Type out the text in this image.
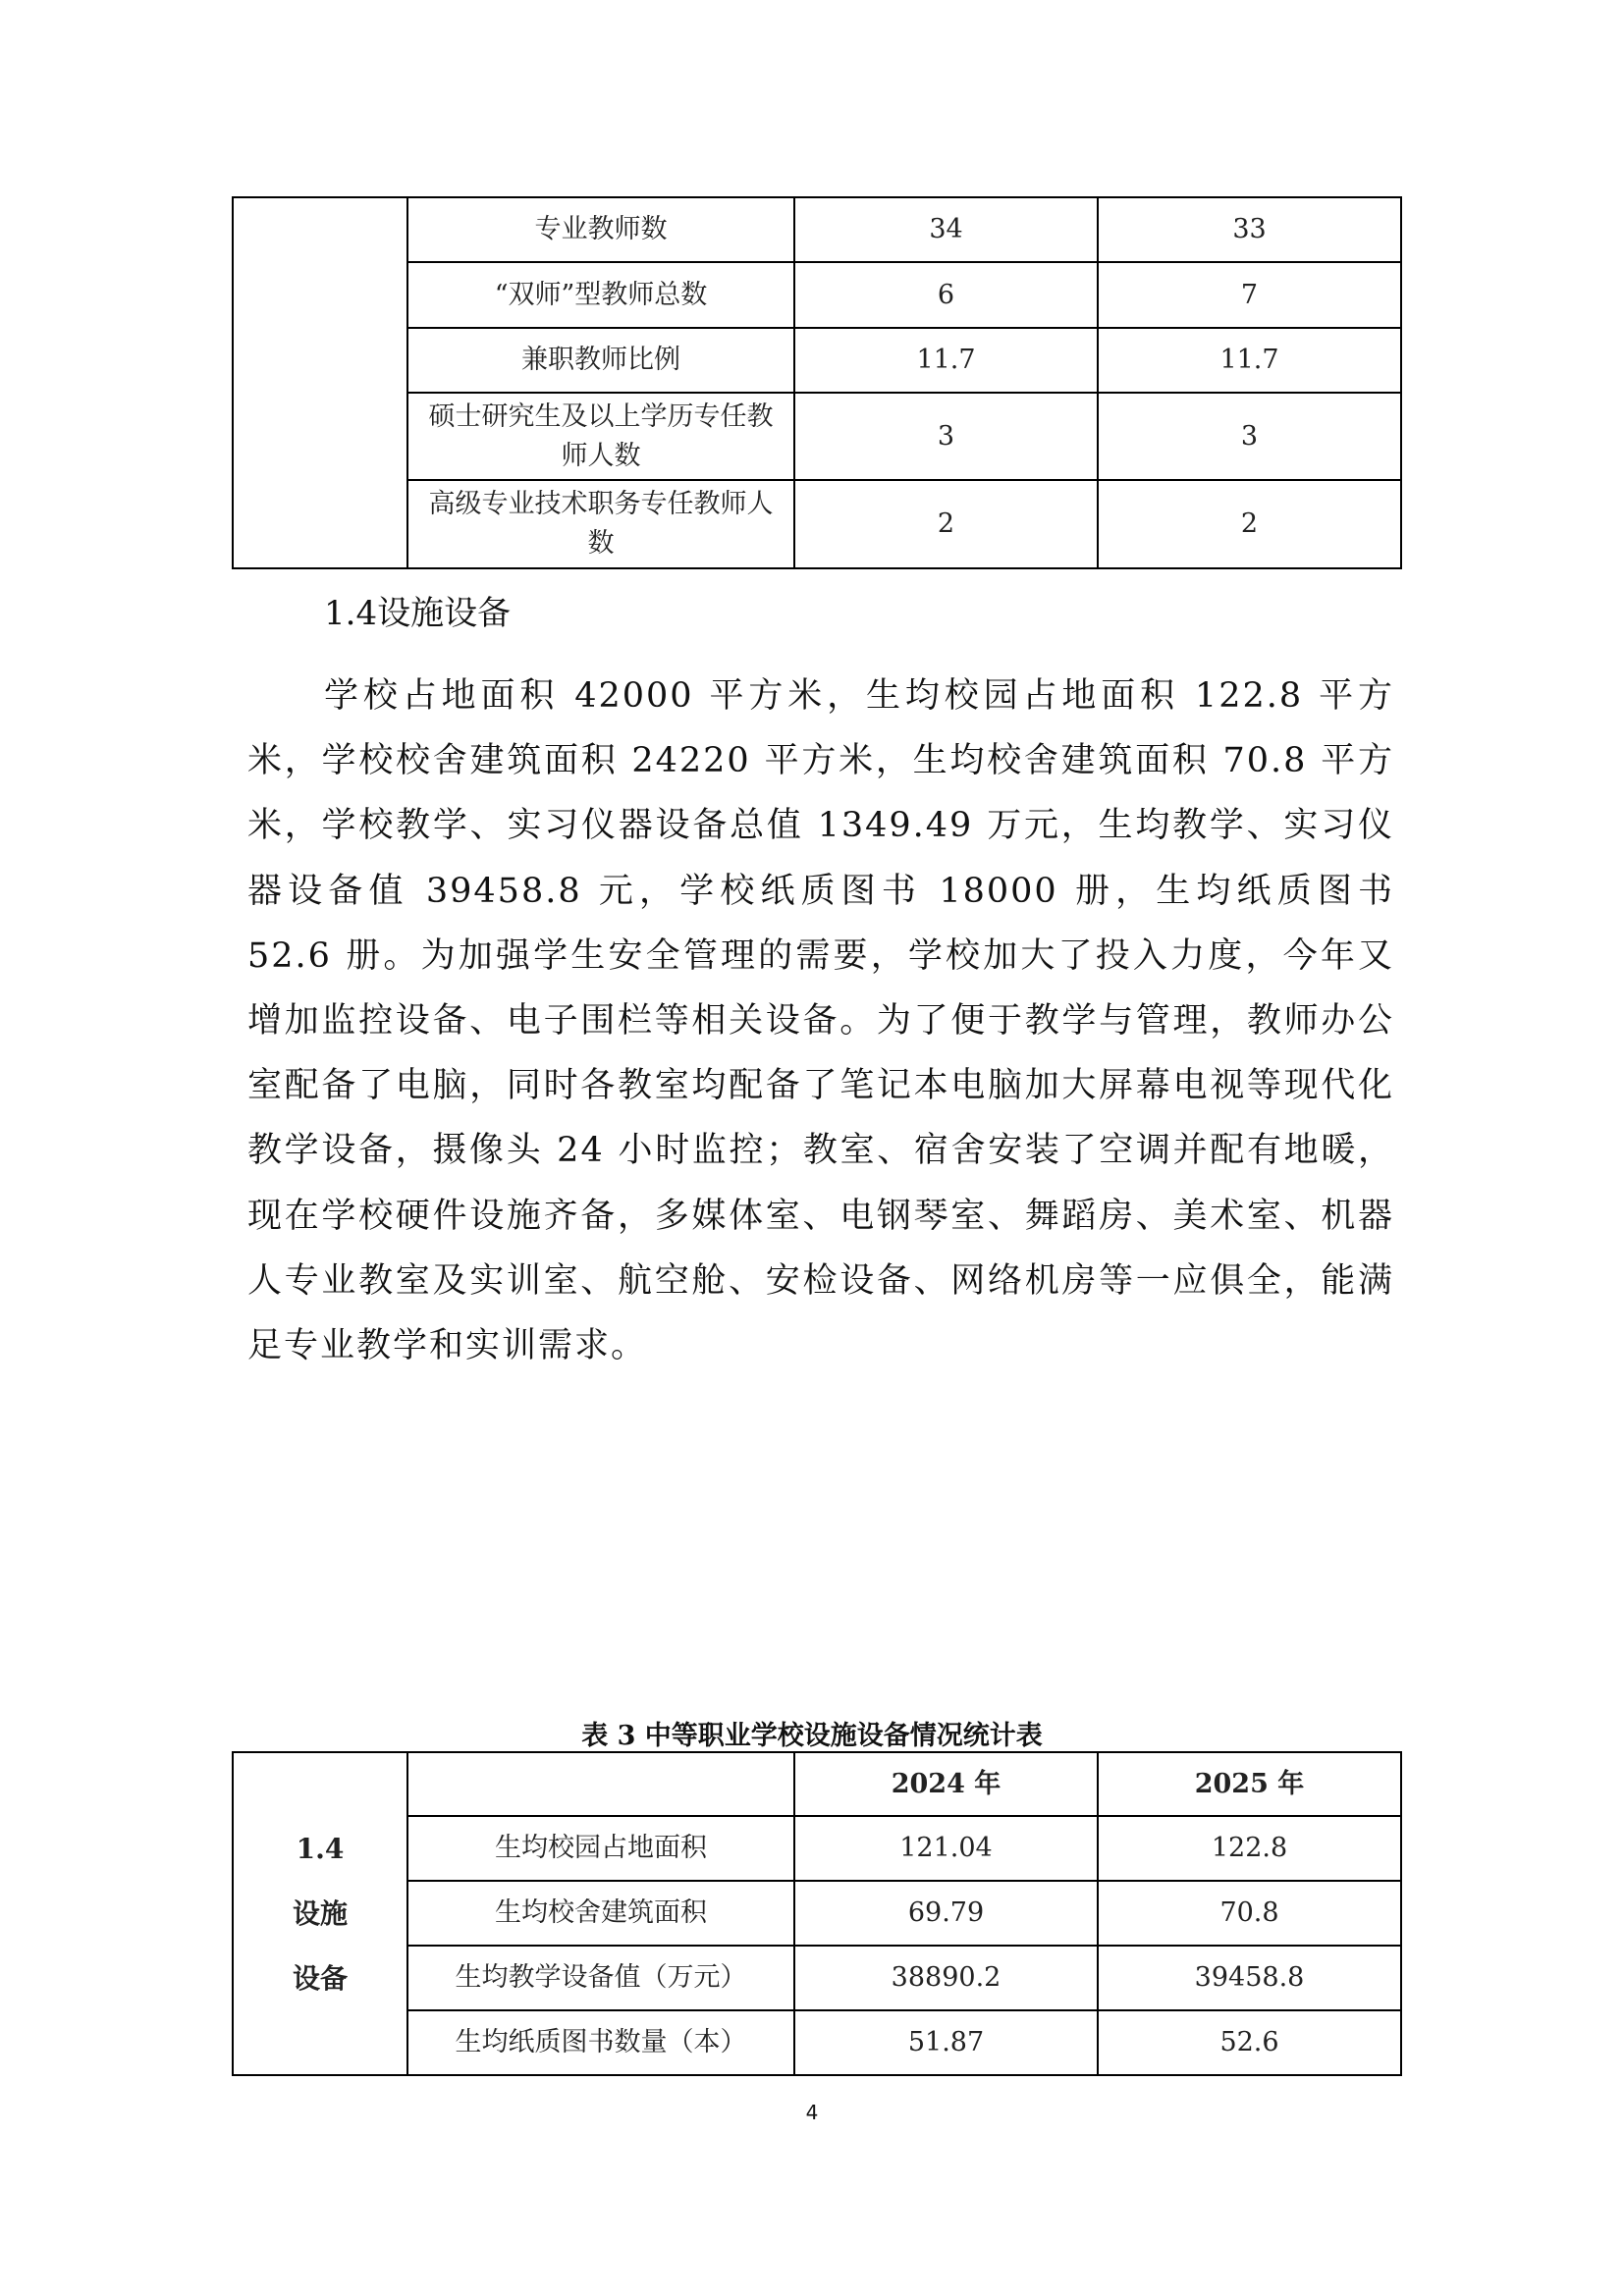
	专业教师数	34	33
	“双师”型教师总数	6	7
	兼职教师比例	11.7	11.7
	硕士研究生及以上学历专任教师人数	3	3
	高级专业技术职务专任教师人数	2	2
1.4设施设备
学校占地面积 42000 平方米，生均校园占地面积 122.8 平方米，学校校舍建筑面积 24220 平方米，生均校舍建筑面积 70.8 平方米，学校教学、实习仪器设备总值 1349.49 万元，生均教学、实习仪器设备值 39458.8 元，学校纸质图书 18000 册，生均纸质图书 52.6 册。为加强学生安全管理的需要，学校加大了投入力度，今年又增加监控设备、电子围栏等相关设备。为了便于教学与管理，教师办公室配备了电脑，同时各教室均配备了笔记本电脑加大屏幕电视等现代化教学设备，摄像头 24 小时监控；教室、宿舍安装了空调并配有地暖，现在学校硬件设施齐备，多媒体室、电钢琴室、舞蹈房、美术室、机器人专业教室及实训室、航空舱、安检设备、网络机房等一应俱全，能满足专业教学和实训需求。
表 3 中等职业学校设施设备情况统计表
1.4
设施
设备		2024 年	2025 年
	生均校园占地面积	121.04	122.8
	生均校舍建筑面积	69.79	70.8
	生均教学设备值（万元）	38890.2	39458.8
	生均纸质图书数量（本）	51.87	52.6
4
